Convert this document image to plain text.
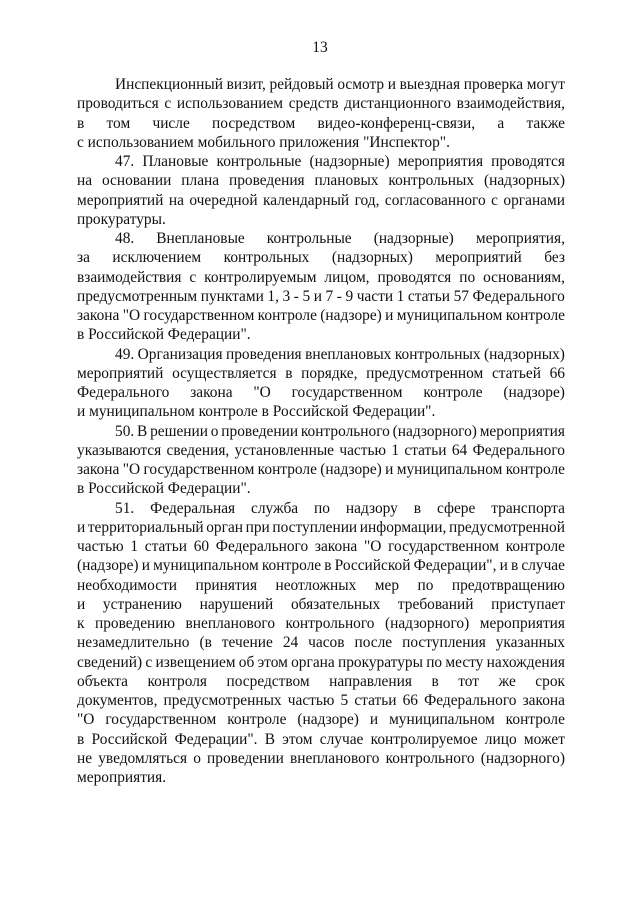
13
Инспекционный визит, рейдовый осмотр и выездная проверка могут
проводиться с использованием средств дистанционного взаимодействия,
в том числе посредством видео-конференц-связи, а также
с использованием мобильного приложения "Инспектор".
47. Плановые контрольные (надзорные) мероприятия проводятся
на основании плана проведения плановых контрольных (надзорных)
мероприятий на очередной календарный год, согласованного с органами
прокуратуры.
48. Внеплановые контрольные (надзорные) мероприятия,
за исключением контрольных (надзорных) мероприятий без
взаимодействия с контролируемым лицом, проводятся по основаниям,
предусмотренным пунктами 1, 3 - 5 и 7 - 9 части 1 статьи 57 Федерального
закона "О государственном контроле (надзоре) и муниципальном контроле
в Российской Федерации".
49. Организация проведения внеплановых контрольных (надзорных)
мероприятий осуществляется в порядке, предусмотренном статьей 66
Федерального закона "О государственном контроле (надзоре)
и муниципальном контроле в Российской Федерации".
50. В решении о проведении контрольного (надзорного) мероприятия
указываются сведения, установленные частью 1 статьи 64 Федерального
закона "О государственном контроле (надзоре) и муниципальном контроле
в Российской Федерации".
51. Федеральная служба по надзору в сфере транспорта
и территориальный орган при поступлении информации, предусмотренной
частью 1 статьи 60 Федерального закона "О государственном контроле
(надзоре) и муниципальном контроле в Российской Федерации", и в случае
необходимости принятия неотложных мер по предотвращению
и устранению нарушений обязательных требований приступает
к проведению внепланового контрольного (надзорного) мероприятия
незамедлительно (в течение 24 часов после поступления указанных
сведений) с извещением об этом органа прокуратуры по месту нахождения
объекта контроля посредством направления в тот же срок
документов, предусмотренных частью 5 статьи 66 Федерального закона
"О государственном контроле (надзоре) и муниципальном контроле
в Российской Федерации". В этом случае контролируемое лицо может
не уведомляться о проведении внепланового контрольного (надзорного)
мероприятия.
